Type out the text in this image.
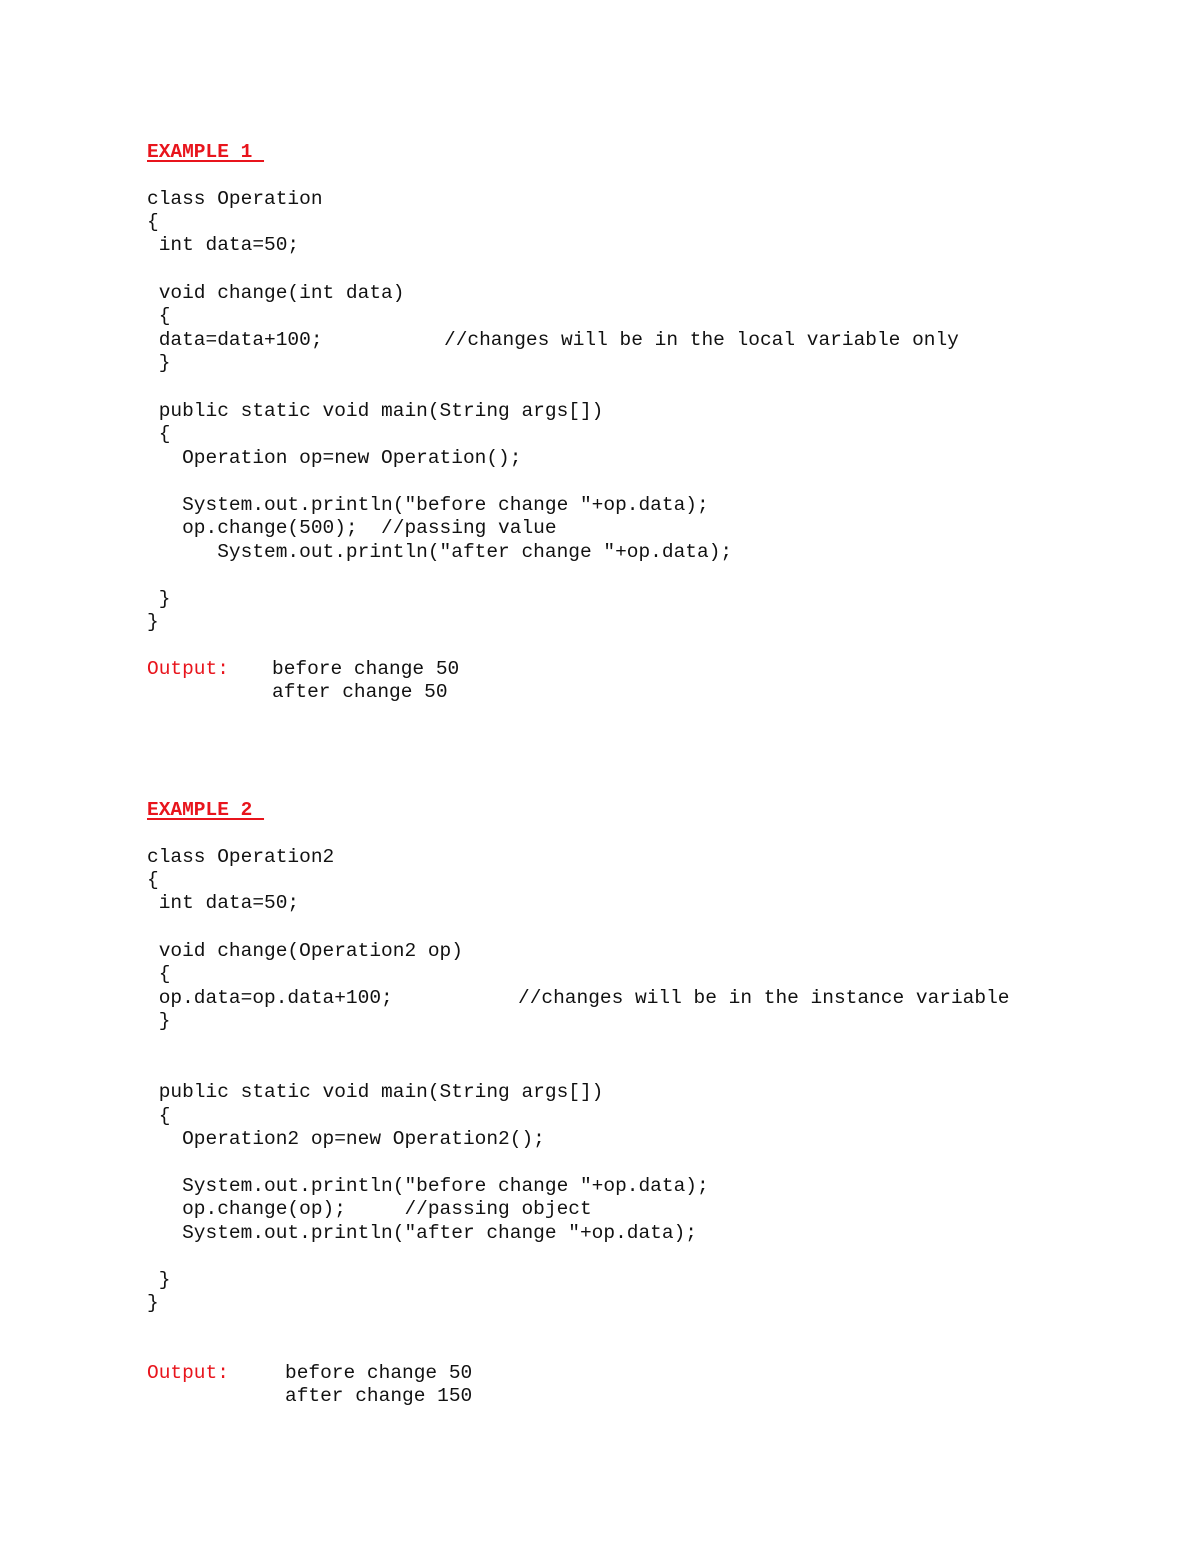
EXAMPLE 1
class Operation
{
int data=50;
void change(int data)
{
data=data+100;	//changes will be in the local variable only
}
public static void main(String args[])
{
Operation op=new Operation();
System.out.println("before change "+op.data);
op.change(500);  //passing value
System.out.println("after change "+op.data);
}
}
Output: before change 50
after change 50
EXAMPLE 2
class Operation2
{
int data=50;
void change(Operation2 op)
{
op.data=op.data+100;	//changes will be in the instance variable
}
public static void main(String args[])
{
Operation2 op=new Operation2();
System.out.println("before change "+op.data);
op.change(op);     //passing object
System.out.println("after change "+op.data);
}
}
Output:	before change 50
after change 150
